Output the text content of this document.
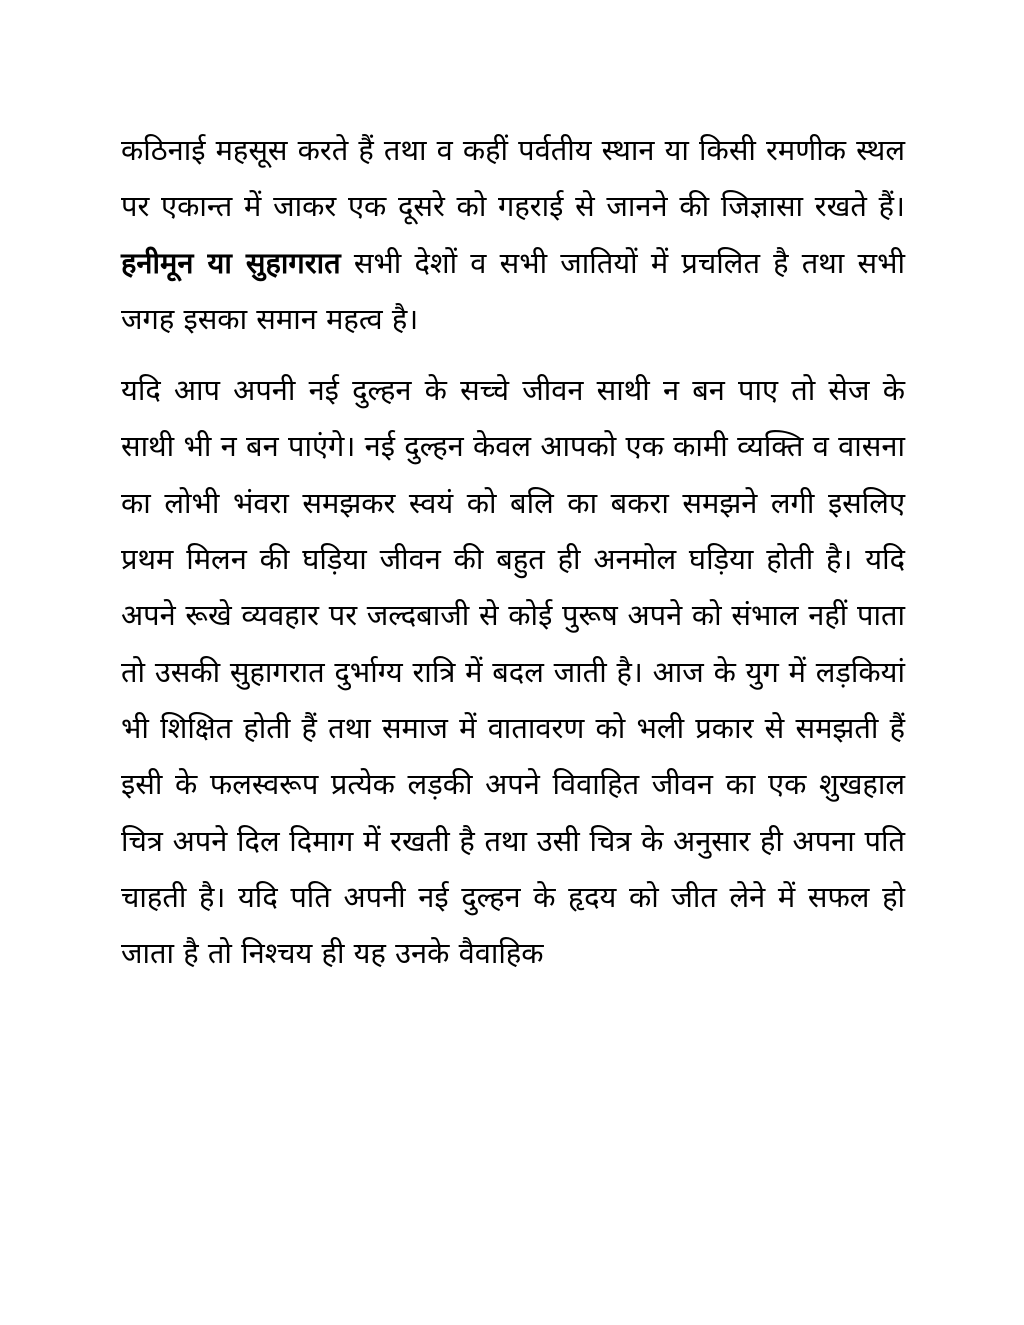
कठिनाई महसूस करते हैं तथा व कहीं पर्वतीय स्थान या किसी रमणीक स्थल पर एकान्त में जाकर एक दूसरे को गहराई से जानने की जिज्ञासा रखते हैं। हनीमून या सुहागरात सभी देशों व सभी जातियों में प्रचलित है तथा सभी जगह इसका समान महत्व है।

यदि आप अपनी नई दुल्हन के सच्चे जीवन साथी न बन पाए तो सेज के साथी भी न बन पाएंगे। नई दुल्हन केवल आपको एक कामी व्यक्ति व वासना का लोभी भंवरा समझकर स्वयं को बलि का बकरा समझने लगी इसलिए प्रथम मिलन की घड़िया जीवन की बहुत ही अनमोल घड़िया होती है। यदि अपने रूखे व्यवहार पर जल्दबाजी से कोई पुरूष अपने को संभाल नहीं पाता तो उसकी सुहागरात दुर्भाग्य रात्रि में बदल जाती है। आज के युग में लड़कियां भी शिक्षित होती हैं तथा समाज में वातावरण को भली प्रकार से समझती हैं इसी के फलस्वरूप प्रत्येक लड़की अपने विवाहित जीवन का एक शुखहाल चित्र अपने दिल दिमाग में रखती है तथा उसी चित्र के अनुसार ही अपना पति चाहती है। यदि पति अपनी नई दुल्हन के हृदय को जीत लेने में सफल हो जाता है तो निश्चय ही यह उनके वैवाहिक
